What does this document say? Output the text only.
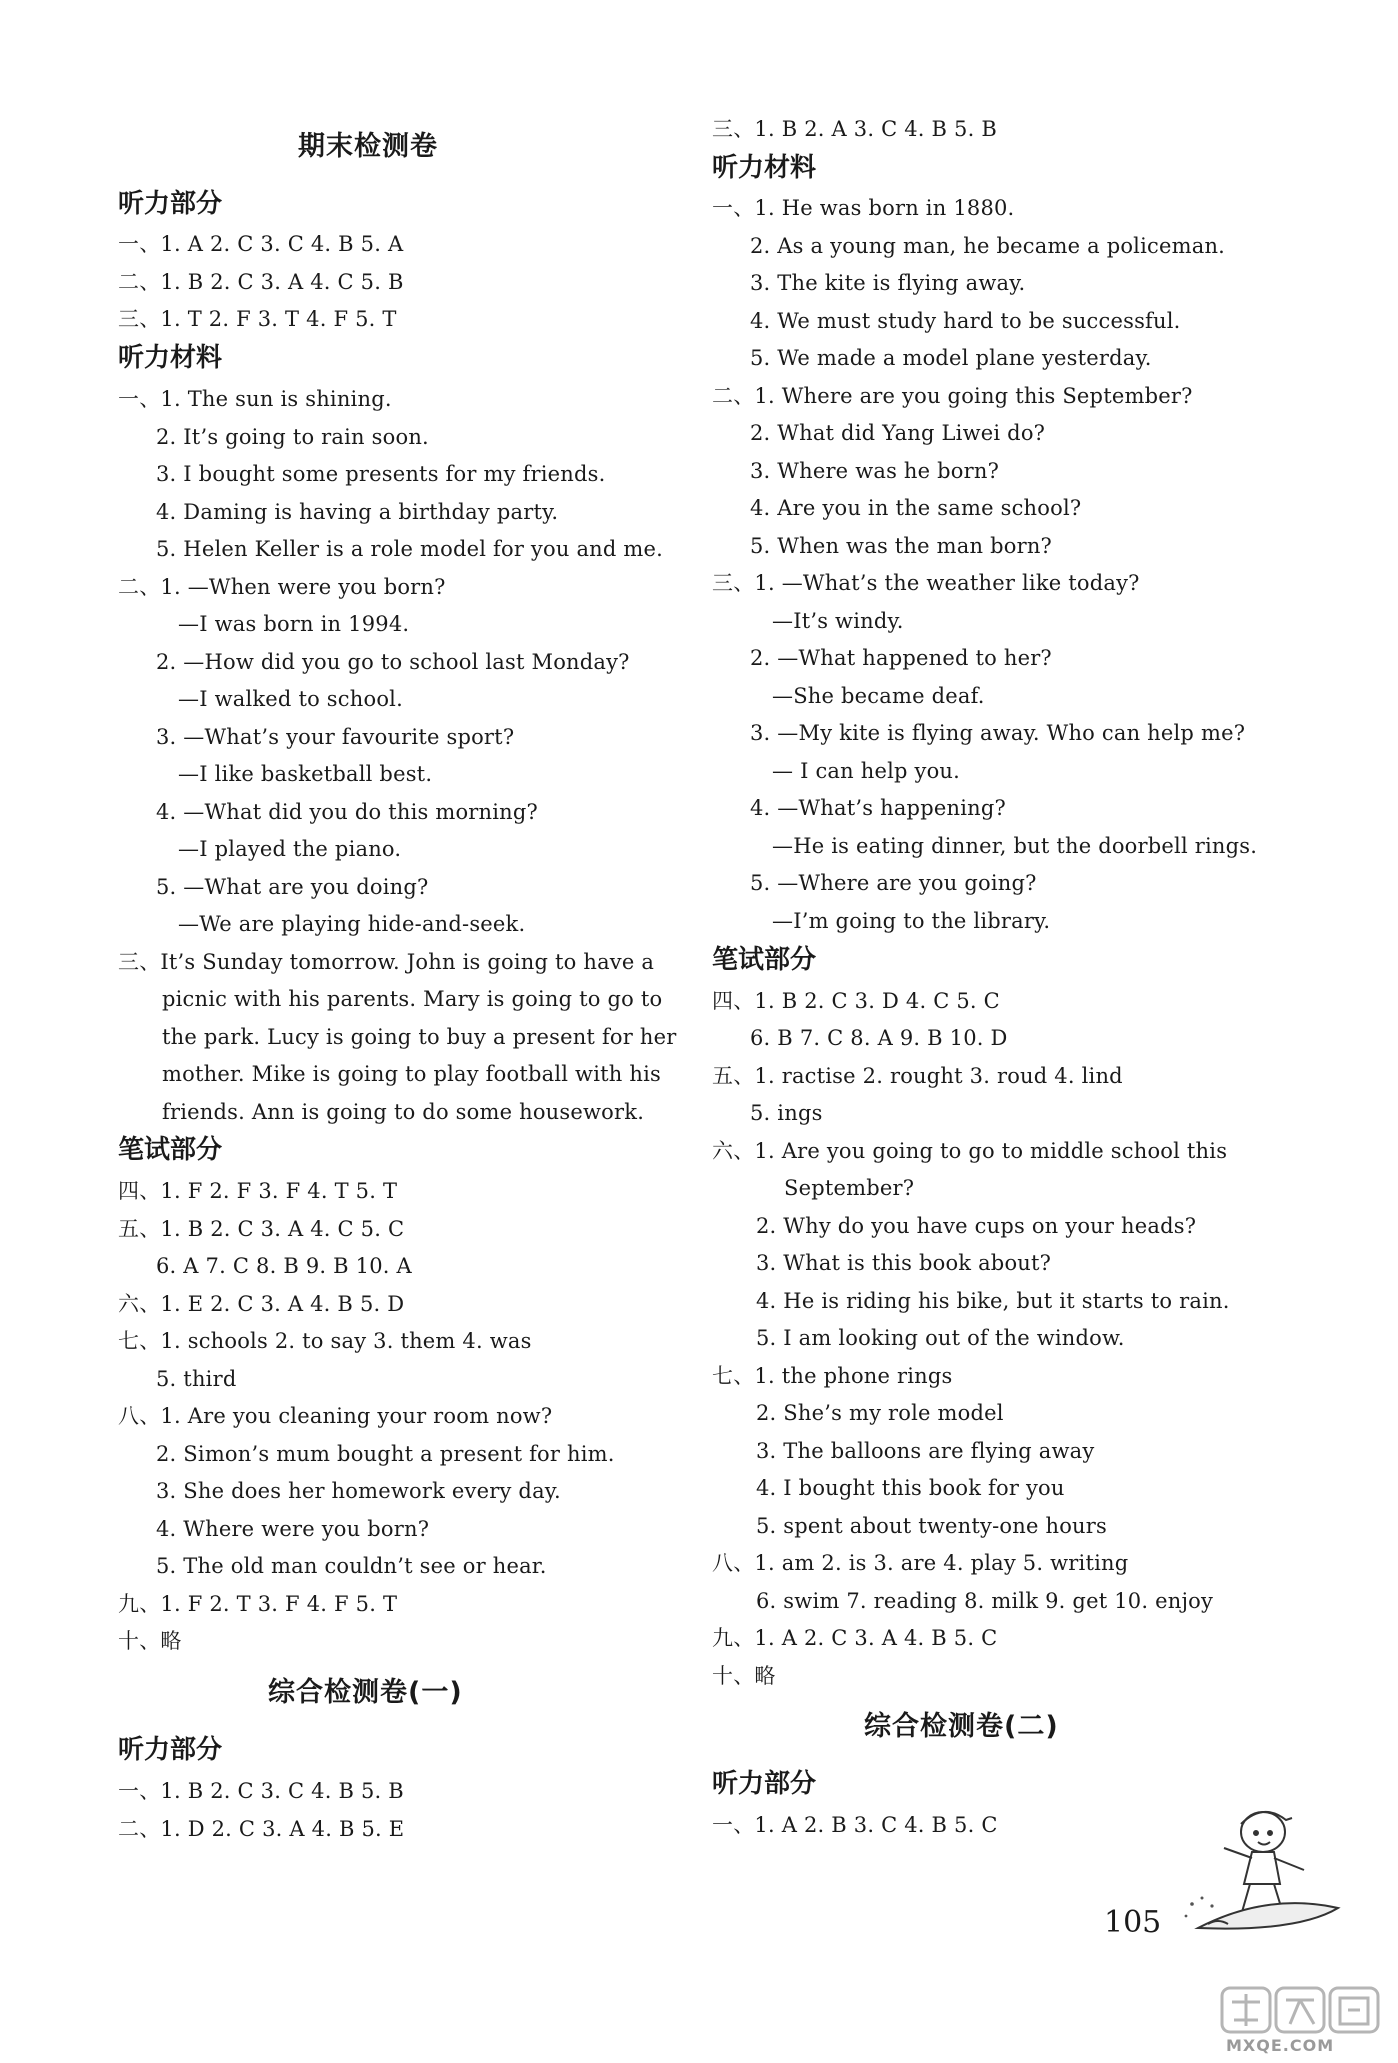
期末检测卷
听力部分
一、1. A 2. C 3. C 4. B 5. A
二、1. B 2. C 3. A 4. C 5. B
三、1. T 2. F 3. T 4. F 5. T
听力材料
一、1. The sun is shining.
2. It’s going to rain soon.
3. I bought some presents for my friends.
4. Daming is having a birthday party.
5. Helen Keller is a role model for you and me.
二、1. —When were you born?
—I was born in 1994.
2. —How did you go to school last Monday?
—I walked to school.
3. —What’s your favourite sport?
—I like basketball best.
4. —What did you do this morning?
—I played the piano.
5. —What are you doing?
—We are playing hide-and-seek.
三、It’s Sunday tomorrow. John is going to have a
picnic with his parents. Mary is going to go to
the park. Lucy is going to buy a present for her
mother. Mike is going to play football with his
friends. Ann is going to do some housework.
笔试部分
四、1. F 2. F 3. F 4. T 5. T
五、1. B 2. C 3. A 4. C 5. C
6. A 7. C 8. B 9. B 10. A
六、1. E 2. C 3. A 4. B 5. D
七、1. schools 2. to say 3. them 4. was
5. third
八、1. Are you cleaning your room now?
2. Simon’s mum bought a present for him.
3. She does her homework every day.
4. Where were you born?
5. The old man couldn’t see or hear.
九、1. F 2. T 3. F 4. F 5. T
十、略
综合检测卷(一)
听力部分
一、1. B 2. C 3. C 4. B 5. B
二、1. D 2. C 3. A 4. B 5. E
三、1. B 2. A 3. C 4. B 5. B
听力材料
一、1. He was born in 1880.
2. As a young man, he became a policeman.
3. The kite is flying away.
4. We must study hard to be successful.
5. We made a model plane yesterday.
二、1. Where are you going this September?
2. What did Yang Liwei do?
3. Where was he born?
4. Are you in the same school?
5. When was the man born?
三、1. —What’s the weather like today?
—It’s windy.
2. —What happened to her?
—She became deaf.
3. —My kite is flying away. Who can help me?
— I can help you.
4. —What’s happening?
—He is eating dinner, but the doorbell rings.
5. —Where are you going?
—I’m going to the library.
笔试部分
四、1. B 2. C 3. D 4. C 5. C
6. B 7. C 8. A 9. B 10. D
五、1. ractise 2. rought 3. roud 4. lind
5. ings
六、1. Are you going to go to middle school this
September?
2. Why do you have cups on your heads?
3. What is this book about?
4. He is riding his bike, but it starts to rain.
5. I am looking out of the window.
七、1. the phone rings
2. She’s my role model
3. The balloons are flying away
4. I bought this book for you
5. spent about twenty-one hours
八、1. am 2. is 3. are 4. play 5. writing
6. swim 7. reading 8. milk 9. get 10. enjoy
九、1. A 2. C 3. A 4. B 5. C
十、略
综合检测卷(二)
听力部分
一、1. A 2. B 3. C 4. B 5. C
105
MXQE.COM
